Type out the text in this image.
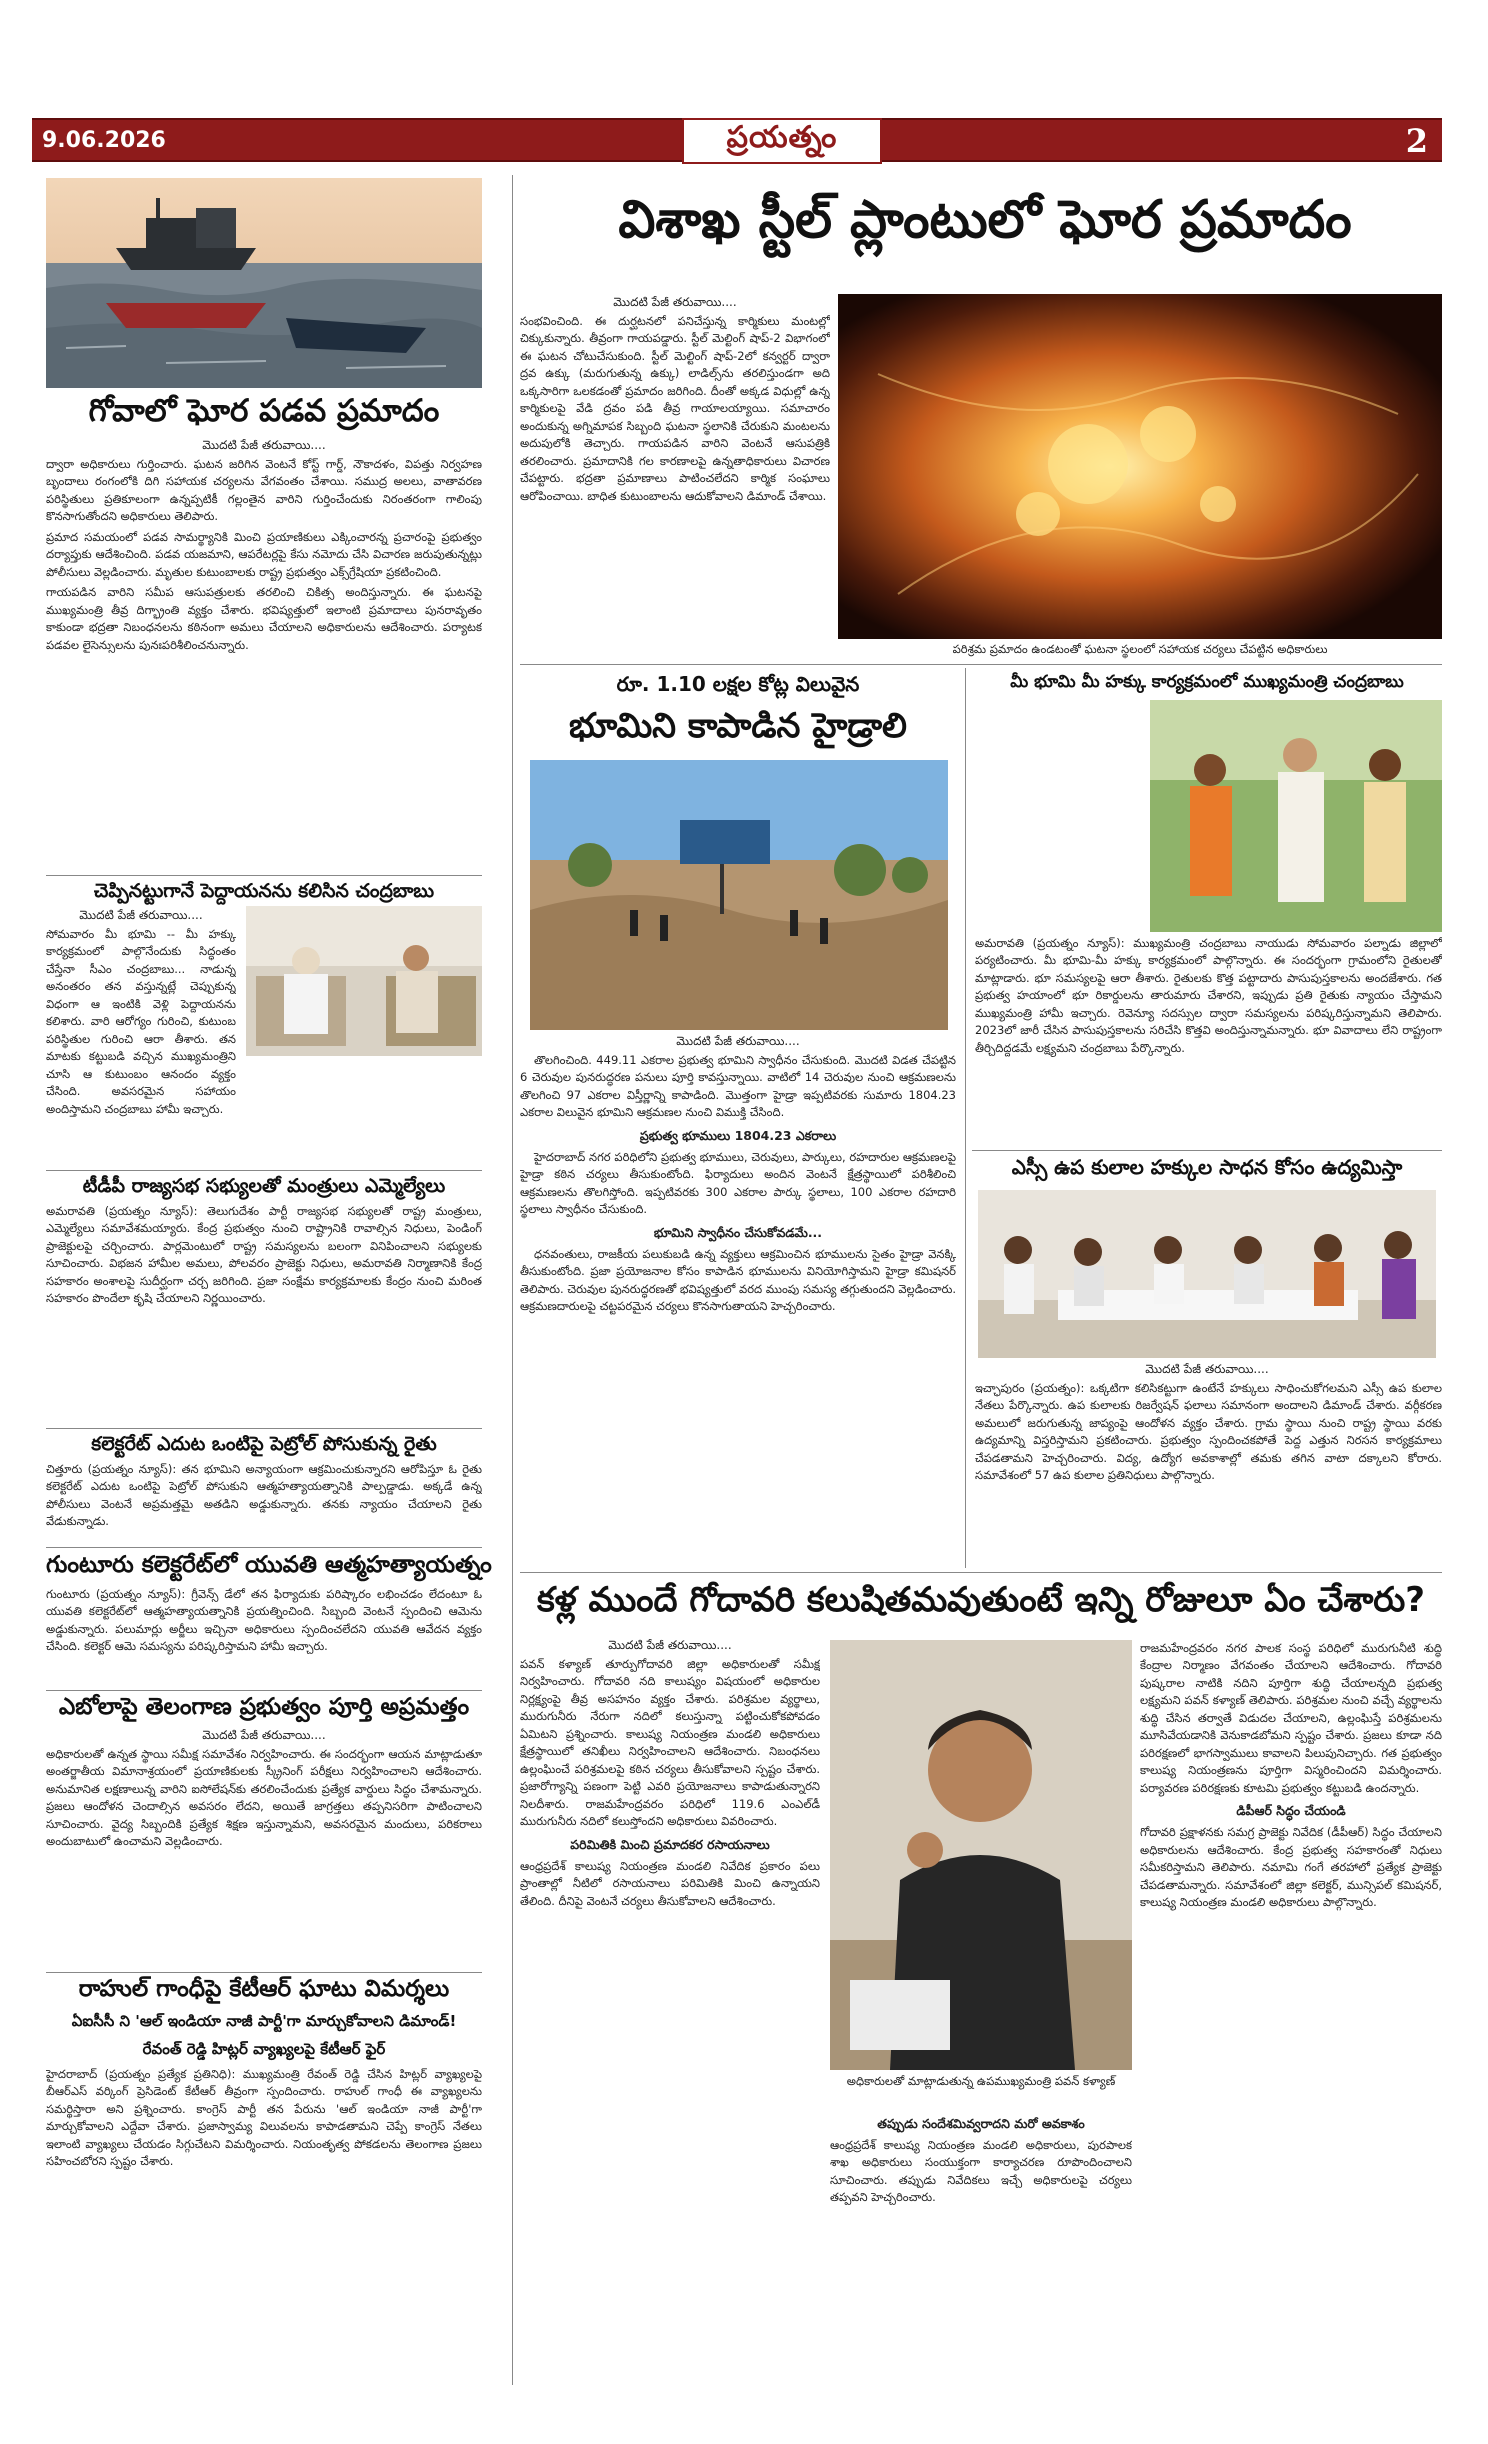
9.06.2026	ప్రయత్నం	2
గోవాలో ఘోర పడవ ప్రమాదం
మొదటి పేజీ తరువాయి....

ద్వారా అధికారులు గుర్తించారు. ఘటన జరిగిన వెంటనే కోస్ట్ గార్డ్, నౌకాదళం, విపత్తు నిర్వహణ బృందాలు రంగంలోకి దిగి సహాయక చర్యలను వేగవంతం చేశాయి. సముద్ర అలలు, వాతావరణ పరిస్థితులు ప్రతికూలంగా ఉన్నప్పటికీ గల్లంతైన వారిని గుర్తించేందుకు నిరంతరంగా గాలింపు కొనసాగుతోందని అధికారులు తెలిపారు.

ప్రమాద సమయంలో పడవ సామర్థ్యానికి మించి ప్రయాణికులు ఎక్కించారన్న ప్రచారంపై ప్రభుత్వం దర్యాప్తుకు ఆదేశించింది. పడవ యజమాని, ఆపరేటర్లపై కేసు నమోదు చేసి విచారణ జరుపుతున్నట్లు పోలీసులు వెల్లడించారు. మృతుల కుటుంబాలకు రాష్ట్ర ప్రభుత్వం ఎక్స్‌గ్రేషియా ప్రకటించింది.

గాయపడిన వారిని సమీప ఆసుపత్రులకు తరలించి చికిత్స అందిస్తున్నారు. ఈ ఘటనపై ముఖ్యమంత్రి తీవ్ర దిగ్భ్రాంతి వ్యక్తం చేశారు. భవిష్యత్తులో ఇలాంటి ప్రమాదాలు పునరావృతం కాకుండా భద్రతా నిబంధనలను కఠినంగా అమలు చేయాలని అధికారులను ఆదేశించారు. పర్యాటక పడవల లైసెన్సులను పునఃపరిశీలించనున్నారు.

చెప్పినట్టుగానే పెద్దాయనను కలిసిన చంద్రబాబు
మొదటి పేజీ తరువాయి....
సోమవారం మీ భూమి -- మీ హక్కు కార్యక్రమంలో పాల్గొనేందుకు సిద్ధంతం చేస్తేనా సీఎం చంద్రబాబు... నాడున్న అనంతరం తన వస్తున్నట్లే చెప్పుకున్న విధంగా ఆ ఇంటికి వెళ్లి పెద్దాయనను కలిశారు. వారి ఆరోగ్యం గురించి, కుటుంబ పరిస్థితుల గురించి ఆరా తీశారు. తన మాటకు కట్టుబడి వచ్చిన ముఖ్యమంత్రిని చూసి ఆ కుటుంబం ఆనందం వ్యక్తం చేసింది. అవసరమైన సహాయం అందిస్తామని చంద్రబాబు హామీ ఇచ్చారు.
టీడీపీ రాజ్యసభ సభ్యులతో మంత్రులు ఎమ్మెల్యేలు
అమరావతి (ప్రయత్నం న్యూస్): తెలుగుదేశం పార్టీ రాజ్యసభ సభ్యులతో రాష్ట్ర మంత్రులు, ఎమ్మెల్యేలు సమావేశమయ్యారు. కేంద్ర ప్రభుత్వం నుంచి రాష్ట్రానికి రావాల్సిన నిధులు, పెండింగ్ ప్రాజెక్టులపై చర్చించారు. పార్లమెంటులో రాష్ట్ర సమస్యలను బలంగా వినిపించాలని సభ్యులకు సూచించారు. విభజన హామీల అమలు, పోలవరం ప్రాజెక్టు నిధులు, అమరావతి నిర్మాణానికి కేంద్ర సహకారం అంశాలపై సుదీర్ఘంగా చర్చ జరిగింది. ప్రజా సంక్షేమ కార్యక్రమాలకు కేంద్రం నుంచి మరింత సహకారం పొందేలా కృషి చేయాలని నిర్ణయించారు.
కలెక్టరేట్ ఎదుట ఒంటిపై పెట్రోల్ పోసుకున్న రైతు
చిత్తూరు (ప్రయత్నం న్యూస్): తన భూమిని అన్యాయంగా ఆక్రమించుకున్నారని ఆరోపిస్తూ ఓ రైతు కలెక్టరేట్ ఎదుట ఒంటిపై పెట్రోల్ పోసుకుని ఆత్మహత్యాయత్నానికి పాల్పడ్డాడు. అక్కడే ఉన్న పోలీసులు వెంటనే అప్రమత్తమై అతడిని అడ్డుకున్నారు. తనకు న్యాయం చేయాలని రైతు వేడుకున్నాడు.
గుంటూరు కలెక్టరేట్‌లో యువతి ఆత్మహత్యాయత్నం
గుంటూరు (ప్రయత్నం న్యూస్): గ్రీవెన్స్ డేలో తన ఫిర్యాదుకు పరిష్కారం లభించడం లేదంటూ ఓ యువతి కలెక్టరేట్‌లో ఆత్మహత్యాయత్నానికి ప్రయత్నించింది. సిబ్బంది వెంటనే స్పందించి ఆమెను అడ్డుకున్నారు. పలుమార్లు అర్జీలు ఇచ్చినా అధికారులు స్పందించలేదని యువతి ఆవేదన వ్యక్తం చేసింది. కలెక్టర్ ఆమె సమస్యను పరిష్కరిస్తామని హామీ ఇచ్చారు.
ఎబోలాపై తెలంగాణ ప్రభుత్వం పూర్తి అప్రమత్తం
మొదటి పేజీ తరువాయి....
అధికారులతో ఉన్నత స్థాయి సమీక్ష సమావేశం నిర్వహించారు. ఈ సందర్భంగా ఆయన మాట్లాడుతూ అంతర్జాతీయ విమానాశ్రయంలో ప్రయాణికులకు స్క్రీనింగ్ పరీక్షలు నిర్వహించాలని ఆదేశించారు. అనుమానిత లక్షణాలున్న వారిని ఐసోలేషన్‌కు తరలించేందుకు ప్రత్యేక వార్డులు సిద్ధం చేశామన్నారు. ప్రజలు ఆందోళన చెందాల్సిన అవసరం లేదని, అయితే జాగ్రత్తలు తప్పనిసరిగా పాటించాలని సూచించారు. వైద్య సిబ్బందికి ప్రత్యేక శిక్షణ ఇస్తున్నామని, అవసరమైన మందులు, పరికరాలు అందుబాటులో ఉంచామని వెల్లడించారు.
రాహుల్ గాంధీపై కేటీఆర్ ఘాటు విమర్శలు
ఏఐసీసీ ని 'ఆల్ ఇండియా నాజీ పార్టీ'గా మార్చుకోవాలని డిమాండ్!
రేవంత్ రెడ్డి హిట్లర్ వ్యాఖ్యలపై కేటీఆర్ ఫైర్
హైదరాబాద్ (ప్రయత్నం ప్రత్యేక ప్రతినిధి): ముఖ్యమంత్రి రేవంత్ రెడ్డి చేసిన హిట్లర్ వ్యాఖ్యలపై బీఆర్ఎస్ వర్కింగ్ ప్రెసిడెంట్ కేటీఆర్ తీవ్రంగా స్పందించారు. రాహుల్ గాంధీ ఈ వ్యాఖ్యలను సమర్థిస్తారా అని ప్రశ్నించారు. కాంగ్రెస్ పార్టీ తన పేరును 'ఆల్ ఇండియా నాజీ పార్టీ'గా మార్చుకోవాలని ఎద్దేవా చేశారు. ప్రజాస్వామ్య విలువలను కాపాడతామని చెప్పే కాంగ్రెస్ నేతలు ఇలాంటి వ్యాఖ్యలు చేయడం సిగ్గుచేటని విమర్శించారు. నియంతృత్వ పోకడలను తెలంగాణ ప్రజలు సహించబోరని స్పష్టం చేశారు.
విశాఖ స్టీల్ ప్లాంటులో ఘోర ప్రమాదం
మొదటి పేజీ తరువాయి....
సంభవించింది. ఈ దుర్ఘటనలో పనిచేస్తున్న కార్మికులు మంటల్లో చిక్కుకున్నారు. తీవ్రంగా గాయపడ్డారు. స్టీల్ మెల్టింగ్ షాప్-2 విభాగంలో ఈ ఘటన చోటుచేసుకుంది. స్టీల్ మెల్టింగ్ షాప్-2లో కన్వర్టర్ ద్వారా ద్రవ ఉక్కు (మరుగుతున్న ఉక్కు) లాడిల్స్‌ను తరలిస్తుండగా అది ఒక్కసారిగా ఒలకడంతో ప్రమాదం జరిగింది. దీంతో అక్కడ విధుల్లో ఉన్న కార్మికులపై వేడి ద్రవం పడి తీవ్ర గాయాలయ్యాయి. సమాచారం అందుకున్న అగ్నిమాపక సిబ్బంది ఘటనా స్థలానికి చేరుకుని మంటలను అదుపులోకి తెచ్చారు. గాయపడిన వారిని వెంటనే ఆసుపత్రికి తరలించారు. ప్రమాదానికి గల కారణాలపై ఉన్నతాధికారులు విచారణ చేపట్టారు. భద్రతా ప్రమాణాలు పాటించలేదని కార్మిక సంఘాలు ఆరోపించాయి. బాధిత కుటుంబాలను ఆదుకోవాలని డిమాండ్ చేశాయి.
పరిశ్రమ ప్రమాదం ఉండటంతో ఘటనా స్థలంలో సహాయక చర్యలు చేపట్టిన అధికారులు
రూ. 1.10 లక్షల కోట్ల విలువైన
భూమిని కాపాడిన హైడ్రాలి
మొదటి పేజీ తరువాయి....

తొలగించింది. 449.11 ఎకరాల ప్రభుత్వ భూమిని స్వాధీనం చేసుకుంది. మొదటి విడత చేపట్టిన 6 చెరువుల పునరుద్ధరణ పనులు పూర్తి కావస్తున్నాయి. వాటిలో 14 చెరువుల నుంచి ఆక్రమణలను తొలగించి 97 ఎకరాల విస్తీర్ణాన్ని కాపాడింది. మొత్తంగా హైడ్రా ఇప్పటివరకు సుమారు 1804.23 ఎకరాల విలువైన భూమిని ఆక్రమణల నుంచి విముక్తి చేసింది.

ప్రభుత్వ భూములు 1804.23 ఎకరాలు

హైదరాబాద్ నగర పరిధిలోని ప్రభుత్వ భూములు, చెరువులు, పార్కులు, రహదారుల ఆక్రమణలపై హైడ్రా కఠిన చర్యలు తీసుకుంటోంది. ఫిర్యాదులు అందిన వెంటనే క్షేత్రస్థాయిలో పరిశీలించి ఆక్రమణలను తొలగిస్తోంది. ఇప్పటివరకు 300 ఎకరాల పార్కు స్థలాలు, 100 ఎకరాల రహదారి స్థలాలు స్వాధీనం చేసుకుంది.

భూమిని స్వాధీనం చేసుకోవడమే...

ధనవంతులు, రాజకీయ పలుకుబడి ఉన్న వ్యక్తులు ఆక్రమించిన భూములను సైతం హైడ్రా వెనక్కి తీసుకుంటోంది. ప్రజా ప్రయోజనాల కోసం కాపాడిన భూములను వినియోగిస్తామని హైడ్రా కమిషనర్ తెలిపారు. చెరువుల పునరుద్ధరణతో భవిష్యత్తులో వరద ముంపు సమస్య తగ్గుతుందని వెల్లడించారు. ఆక్రమణదారులపై చట్టపరమైన చర్యలు కొనసాగుతాయని హెచ్చరించారు.

మీ భూమి మీ హక్కు కార్యక్రమంలో ముఖ్యమంత్రి చంద్రబాబు
అమరావతి (ప్రయత్నం న్యూస్): ముఖ్యమంత్రి చంద్రబాబు నాయుడు సోమవారం పల్నాడు జిల్లాలో పర్యటించారు. మీ భూమి-మీ హక్కు కార్యక్రమంలో పాల్గొన్నారు. ఈ సందర్భంగా గ్రామంలోని రైతులతో మాట్లాడారు. భూ సమస్యలపై ఆరా తీశారు. రైతులకు కొత్త పట్టాదారు పాసుపుస్తకాలను అందజేశారు. గత ప్రభుత్వ హయాంలో భూ రికార్డులను తారుమారు చేశారని, ఇప్పుడు ప్రతి రైతుకు న్యాయం చేస్తామని ముఖ్యమంత్రి హామీ ఇచ్చారు. రెవెన్యూ సదస్సుల ద్వారా సమస్యలను పరిష్కరిస్తున్నామని తెలిపారు. 2023లో జారీ చేసిన పాసుపుస్తకాలను సరిచేసి కొత్తవి అందిస్తున్నామన్నారు. భూ వివాదాలు లేని రాష్ట్రంగా తీర్చిదిద్దడమే లక్ష్యమని చంద్రబాబు పేర్కొన్నారు.
ఎస్సీ ఉప కులాల హక్కుల సాధన కోసం ఉద్యమిస్తా
మొదటి పేజీ తరువాయి....
ఇచ్ఛాపురం (ప్రయత్నం): ఒక్కటిగా కలిసికట్టుగా ఉంటేనే హక్కులు సాధించుకోగలమని ఎస్సీ ఉప కులాల నేతలు పేర్కొన్నారు. ఉప కులాలకు రిజర్వేషన్ ఫలాలు సమానంగా అందాలని డిమాండ్ చేశారు. వర్గీకరణ అమలులో జరుగుతున్న జాప్యంపై ఆందోళన వ్యక్తం చేశారు. గ్రామ స్థాయి నుంచి రాష్ట్ర స్థాయి వరకు ఉద్యమాన్ని విస్తరిస్తామని ప్రకటించారు. ప్రభుత్వం స్పందించకపోతే పెద్ద ఎత్తున నిరసన కార్యక్రమాలు చేపడతామని హెచ్చరించారు. విద్య, ఉద్యోగ అవకాశాల్లో తమకు తగిన వాటా దక్కాలని కోరారు. సమావేశంలో 57 ఉప కులాల ప్రతినిధులు పాల్గొన్నారు.
కళ్ల ముందే గోదావరి కలుషితమవుతుంటే ఇన్ని రోజులూ ఏం చేశారు?
మొదటి పేజీ తరువాయి....

పవన్ కళ్యాణ్ తూర్పుగోదావరి జిల్లా అధికారులతో సమీక్ష నిర్వహించారు. గోదావరి నది కాలుష్యం విషయంలో అధికారుల నిర్లక్ష్యంపై తీవ్ర అసహనం వ్యక్తం చేశారు. పరిశ్రమల వ్యర్థాలు, మురుగునీరు నేరుగా నదిలో కలుస్తున్నా పట్టించుకోకపోవడం ఏమిటని ప్రశ్నించారు. కాలుష్య నియంత్రణ మండలి అధికారులు క్షేత్రస్థాయిలో తనిఖీలు నిర్వహించాలని ఆదేశించారు. నిబంధనలు ఉల్లంఘించే పరిశ్రమలపై కఠిన చర్యలు తీసుకోవాలని స్పష్టం చేశారు. ప్రజారోగ్యాన్ని పణంగా పెట్టి ఎవరి ప్రయోజనాలు కాపాడుతున్నారని నిలదీశారు. రాజమహేంద్రవరం పరిధిలో 119.6 ఎంఎల్‌డీ మురుగునీరు నదిలో కలుస్తోందని అధికారులు వివరించారు.

పరిమితికి మించి ప్రమాదకర రసాయనాలు

ఆంధ్రప్రదేశ్ కాలుష్య నియంత్రణ మండలి నివేదిక ప్రకారం పలు ప్రాంతాల్లో నీటిలో రసాయనాలు పరిమితికి మించి ఉన్నాయని తేలింది. దీనిపై వెంటనే చర్యలు తీసుకోవాలని ఆదేశించారు.

అధికారులతో మాట్లాడుతున్న ఉపముఖ్యమంత్రి పవన్ కళ్యాణ్
తప్పుడు సందేశమివ్వరాదని మరో అవకాశం

ఆంధ్రప్రదేశ్ కాలుష్య నియంత్రణ మండలి అధికారులు, పురపాలక శాఖ అధికారులు సంయుక్తంగా కార్యాచరణ రూపొందించాలని సూచించారు. తప్పుడు నివేదికలు ఇచ్చే అధికారులపై చర్యలు తప్పవని హెచ్చరించారు.

రాజమహేంద్రవరం నగర పాలక సంస్థ పరిధిలో మురుగునీటి శుద్ధి కేంద్రాల నిర్మాణం వేగవంతం చేయాలని ఆదేశించారు. గోదావరి పుష్కరాల నాటికి నదిని పూర్తిగా శుద్ధి చేయాలన్నది ప్రభుత్వ లక్ష్యమని పవన్ కళ్యాణ్ తెలిపారు. పరిశ్రమల నుంచి వచ్చే వ్యర్థాలను శుద్ధి చేసిన తర్వాతే విడుదల చేయాలని, ఉల్లంఘిస్తే పరిశ్రమలను మూసివేయడానికి వెనుకాడబోమని స్పష్టం చేశారు. ప్రజలు కూడా నది పరిరక్షణలో భాగస్వాములు కావాలని పిలుపునిచ్చారు. గత ప్రభుత్వం కాలుష్య నియంత్రణను పూర్తిగా విస్మరించిందని విమర్శించారు. పర్యావరణ పరిరక్షణకు కూటమి ప్రభుత్వం కట్టుబడి ఉందన్నారు.

డిపీఆర్ సిద్ధం చేయండి

గోదావరి ప్రక్షాళనకు సమగ్ర ప్రాజెక్టు నివేదిక (డీపీఆర్) సిద్ధం చేయాలని అధికారులను ఆదేశించారు. కేంద్ర ప్రభుత్వ సహకారంతో నిధులు సమీకరిస్తామని తెలిపారు. నమామి గంగే తరహాలో ప్రత్యేక ప్రాజెక్టు చేపడతామన్నారు. సమావేశంలో జిల్లా కలెక్టర్, మున్సిపల్ కమిషనర్, కాలుష్య నియంత్రణ మండలి అధికారులు పాల్గొన్నారు.
